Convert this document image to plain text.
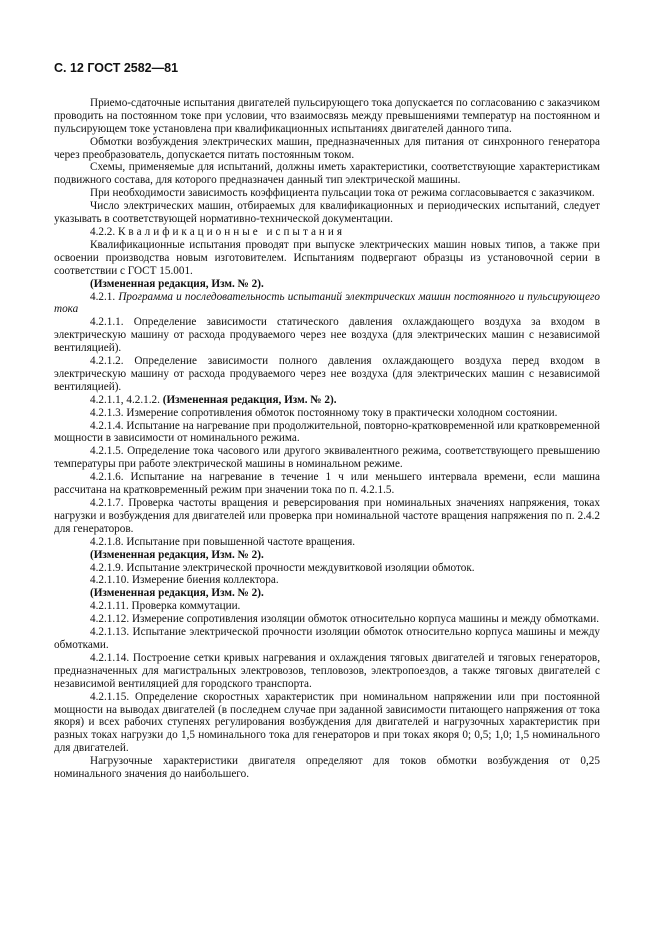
С. 12 ГОСТ 2582—81

Приемо-сдаточные испытания двигателей пульсирующего тока допускается по согласованию с заказчиком проводить на постоянном токе при условии, что взаимосвязь между превышениями температур на постоянном и пульсирующем токе установлена при квалификационных испытаниях двигателей данного типа.

Обмотки возбуждения электрических машин, предназначенных для питания от синхронного генератора через преобразователь, допускается питать постоянным током.

Схемы, применяемые для испытаний, должны иметь характеристики, соответствующие характеристикам подвижного состава, для которого предназначен данный тип электрической машины.

При необходимости зависимость коэффициента пульсации тока от режима согласовывается с заказчиком.

Число электрических машин, отбираемых для квалификационных и периодических испытаний, следует указывать в соответствующей нормативно-технической документации.

4.2.2. Квалификационные испытания

Квалификационные испытания проводят при выпуске электрических машин новых типов, а также при освоении производства новым изготовителем. Испытаниям подвергают образцы из установочной серии в соответствии с ГОСТ 15.001.

(Измененная редакция, Изм. № 2).

4.2.1. Программа и последовательность испытаний электрических машин постоянного и пульсирующего тока

4.2.1.1. Определение зависимости статического давления охлаждающего воздуха за входом в электрическую машину от расхода продуваемого через нее воздуха (для электрических машин с независимой вентиляцией).

4.2.1.2. Определение зависимости полного давления охлаждающего воздуха перед входом в электрическую машину от расхода продуваемого через нее воздуха (для электрических машин с независимой вентиляцией).

4.2.1.1, 4.2.1.2. (Измененная редакция, Изм. № 2).

4.2.1.3. Измерение сопротивления обмоток постоянному току в практически холодном состоянии.

4.2.1.4. Испытание на нагревание при продолжительной, повторно-кратковременной или кратковременной мощности в зависимости от номинального режима.

4.2.1.5. Определение тока часового или другого эквивалентного режима, соответствующего превышению температуры при работе электрической машины в номинальном режиме.

4.2.1.6. Испытание на нагревание в течение 1 ч или меньшего интервала времени, если машина рассчитана на кратковременный режим при значении тока по п. 4.2.1.5.

4.2.1.7. Проверка частоты вращения и реверсирования при номинальных значениях напряжения, токах нагрузки и возбуждения для двигателей или проверка при номинальной частоте вращения напряжения по п. 2.4.2 для генераторов.

4.2.1.8. Испытание при повышенной частоте вращения.

(Измененная редакция, Изм. № 2).

4.2.1.9. Испытание электрической прочности междувитковой изоляции обмоток.

4.2.1.10. Измерение биения коллектора.

(Измененная редакция, Изм. № 2).

4.2.1.11. Проверка коммутации.

4.2.1.12. Измерение сопротивления изоляции обмоток относительно корпуса машины и между обмотками.

4.2.1.13. Испытание электрической прочности изоляции обмоток относительно корпуса машины и между обмотками.

4.2.1.14. Построение сетки кривых нагревания и охлаждения тяговых двигателей и тяговых генераторов, предназначенных для магистральных электровозов, тепловозов, электропоездов, а также тяговых двигателей с независимой вентиляцией для городского транспорта.

4.2.1.15. Определение скоростных характеристик при номинальном напряжении или при постоянной мощности на выводах двигателей (в последнем случае при заданной зависимости питающего напряжения от тока якоря) и всех рабочих ступенях регулирования возбуждения для двигателей и нагрузочных характеристик при разных токах нагрузки до 1,5 номинального тока для генераторов и при токах якоря 0; 0,5; 1,0; 1,5 номинального для двигателей.

Нагрузочные характеристики двигателя определяют для токов обмотки возбуждения от 0,25 номинального значения до наибольшего.
